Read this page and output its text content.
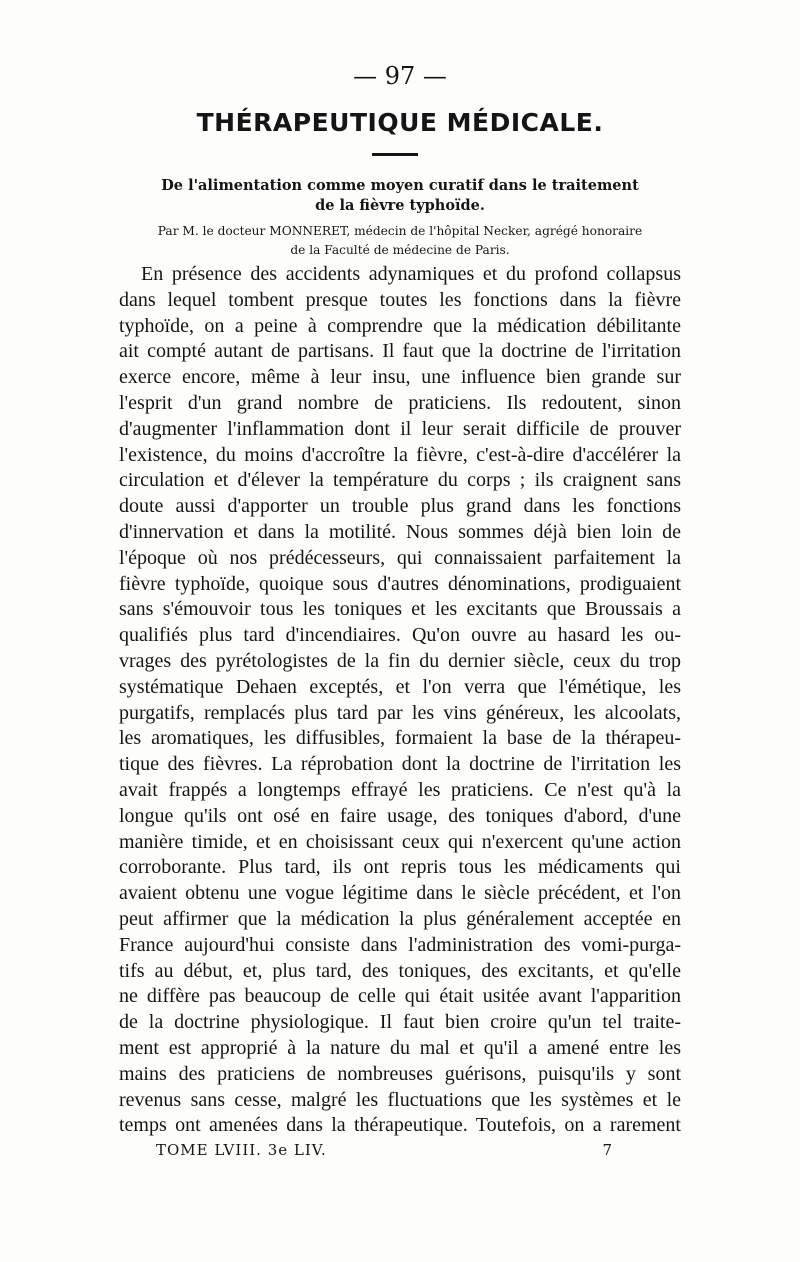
— 97 —
THÉRAPEUTIQUE MÉDICALE.
De l'alimentation comme moyen curatif dans le traitement
de la fièvre typhoïde.
Par M. le docteur MONNERET, médecin de l'hôpital Necker, agrégé honoraire
de la Faculté de médecine de Paris.
En présence des accidents adynamiques et du profond collapsus
dans lequel tombent presque toutes les fonctions dans la fièvre
typhoïde, on a peine à comprendre que la médication débilitante
ait compté autant de partisans. Il faut que la doctrine de l'irritation
exerce encore, même à leur insu, une influence bien grande sur
l'esprit d'un grand nombre de praticiens. Ils redoutent, sinon
d'augmenter l'inflammation dont il leur serait difficile de prouver
l'existence, du moins d'accroître la fièvre, c'est-à-dire d'accélérer la
circulation et d'élever la température du corps ; ils craignent sans
doute aussi d'apporter un trouble plus grand dans les fonctions
d'innervation et dans la motilité. Nous sommes déjà bien loin de
l'époque où nos prédécesseurs, qui connaissaient parfaitement la
fièvre typhoïde, quoique sous d'autres dénominations, prodiguaient
sans s'émouvoir tous les toniques et les excitants que Broussais a
qualifiés plus tard d'incendiaires. Qu'on ouvre au hasard les ou-
vrages des pyrétologistes de la fin du dernier siècle, ceux du trop
systématique Dehaen exceptés, et l'on verra que l'émétique, les
purgatifs, remplacés plus tard par les vins généreux, les alcoolats,
les aromatiques, les diffusibles, formaient la base de la thérapeu-
tique des fièvres. La réprobation dont la doctrine de l'irritation les
avait frappés a longtemps effrayé les praticiens. Ce n'est qu'à la
longue qu'ils ont osé en faire usage, des toniques d'abord, d'une
manière timide, et en choisissant ceux qui n'exercent qu'une action
corroborante. Plus tard, ils ont repris tous les médicaments qui
avaient obtenu une vogue légitime dans le siècle précédent, et l'on
peut affirmer que la médication la plus généralement acceptée en
France aujourd'hui consiste dans l'administration des vomi-purga-
tifs au début, et, plus tard, des toniques, des excitants, et qu'elle
ne diffère pas beaucoup de celle qui était usitée avant l'apparition
de la doctrine physiologique. Il faut bien croire qu'un tel traite-
ment est approprié à la nature du mal et qu'il a amené entre les
mains des praticiens de nombreuses guérisons, puisqu'ils y sont
revenus sans cesse, malgré les fluctuations que les systèmes et le
temps ont amenées dans la thérapeutique. Toutefois, on a rarement
TOME LVIII. 3e LIV.	7
